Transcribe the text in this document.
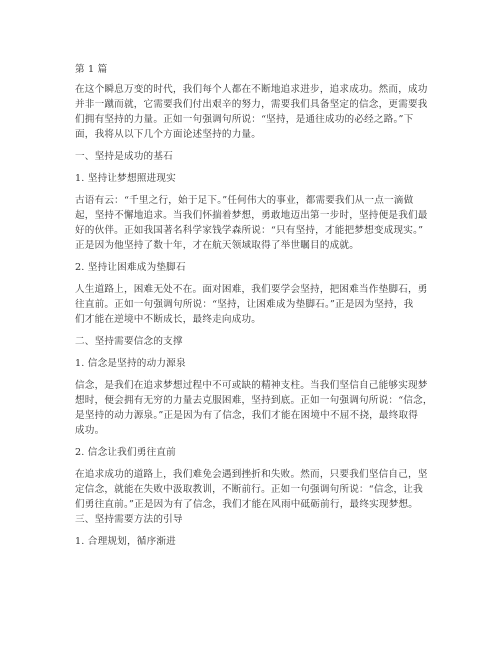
第 1 篇
在这个瞬息万变的时代，我们每个人都在不断地追求进步，追求成功。然而，成功
并非一蹴而就，它需要我们付出艰辛的努力，需要我们具备坚定的信念，更需要我
们拥有坚持的力量。正如一句强调句所说：“坚持，是通往成功的必经之路。”下
面，我将从以下几个方面论述坚持的力量。
一、坚持是成功的基石
1. 坚持让梦想照进现实
古语有云：“千里之行，始于足下。”任何伟大的事业，都需要我们从一点一滴做
起，坚持不懈地追求。当我们怀揣着梦想，勇敢地迈出第一步时，坚持便是我们最
好的伙伴。正如我国著名科学家钱学森所说：“只有坚持，才能把梦想变成现实。”
正是因为他坚持了数十年，才在航天领域取得了举世瞩目的成就。
2. 坚持让困难成为垫脚石
人生道路上，困难无处不在。面对困难，我们要学会坚持，把困难当作垫脚石，勇
往直前。正如一句强调句所说：“坚持，让困难成为垫脚石。”正是因为坚持，我
们才能在逆境中不断成长，最终走向成功。
二、坚持需要信念的支撑
1. 信念是坚持的动力源泉
信念，是我们在追求梦想过程中不可或缺的精神支柱。当我们坚信自己能够实现梦
想时，便会拥有无穷的力量去克服困难，坚持到底。正如一句强调句所说：“信念，
是坚持的动力源泉。”正是因为有了信念，我们才能在困境中不屈不挠，最终取得
成功。
2. 信念让我们勇往直前
在追求成功的道路上，我们难免会遇到挫折和失败。然而，只要我们坚信自己，坚
定信念，就能在失败中汲取教训，不断前行。正如一句强调句所说：“信念，让我
们勇往直前。”正是因为有了信念，我们才能在风雨中砥砺前行，最终实现梦想。
三、坚持需要方法的引导
1. 合理规划，循序渐进
